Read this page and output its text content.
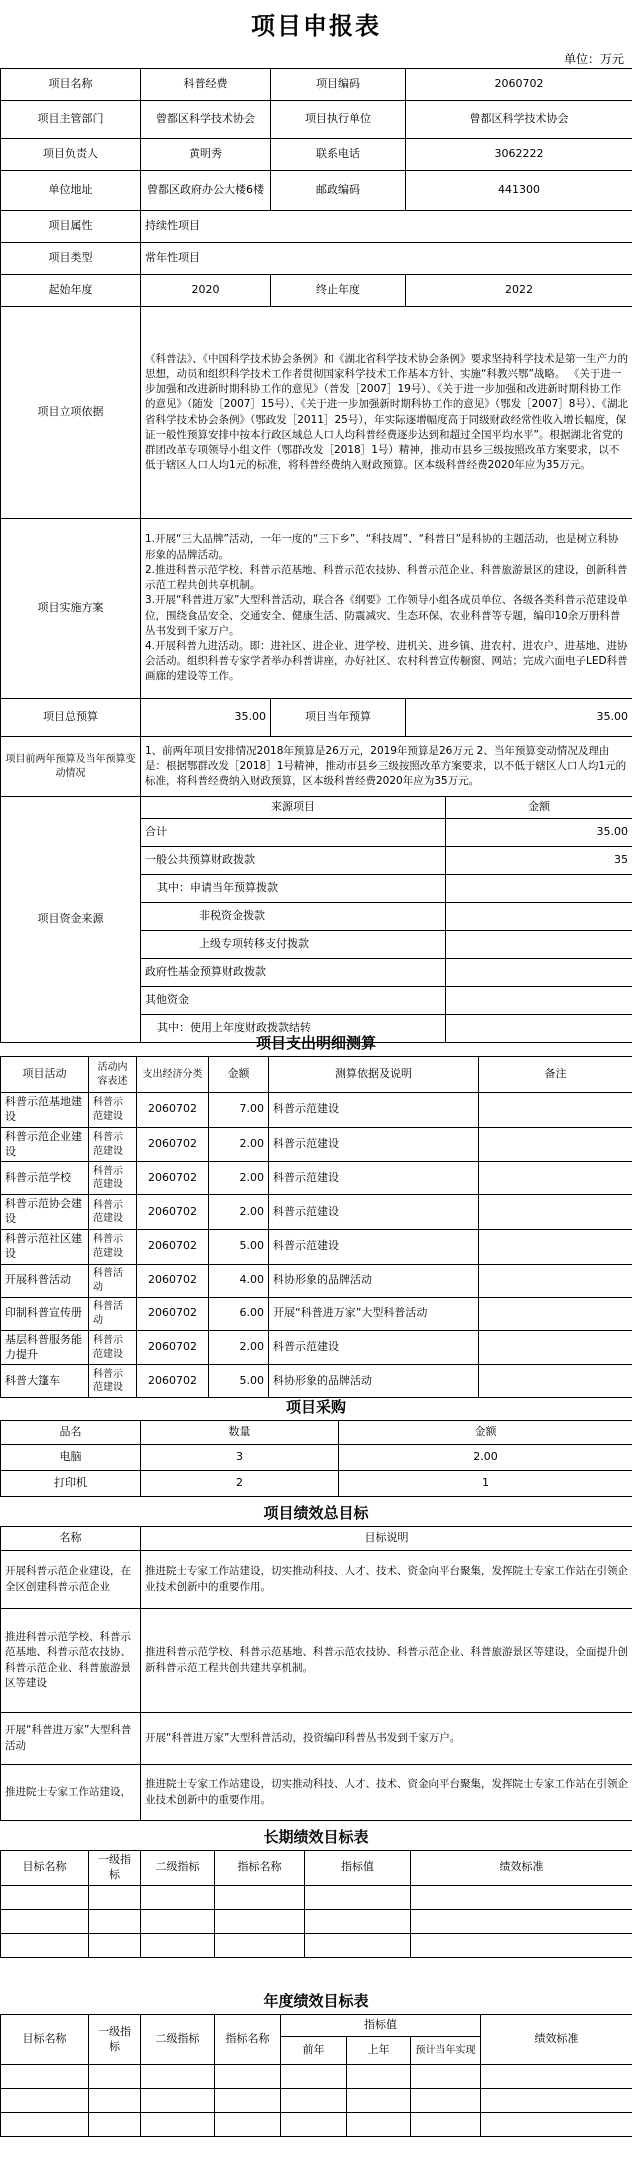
项目申报表
单位：万元
项目名称	科普经费	项目编码	2060702
项目主管部门	曾都区科学技术协会	项目执行单位	曾都区科学技术协会
项目负责人	黄明秀	联系电话	3062222
单位地址	曾都区政府办公大楼6楼	邮政编码	441300
项目属性	持续性项目		
项目类型	常年性项目		
起始年度	2020	终止年度	2022
项目立项依据	《科普法》、《中国科学技术协会条例》和《湖北省科学技术协会条例》要求坚持科学技术是第一生产力的思想，动员和组织科学技术工作者贯彻国家科学技术工作基本方针、实施“科教兴鄂”战略。 《关于进一步加强和改进新时期科协工作的意见》（普发［2007］19号）、《关于进一步加强和改进新时期科协工作的意见》（随发［2007］15号）、《关于进一步加强新时期科协工作的意见》（鄂发［2007］8号）、《湖北省科学技术协会条例》（鄂政发［2011］25号），年实际逐增幅度高于同级财政经常性收入增长幅度，保证一般性预算安排中按本行政区域总人口人均科普经费逐步达到和超过全国平均水平”。根据湖北省党的群团改革专项领导小组文件（鄂群改发［2018］1号）精神，推动市县乡三级按照改革方案要求，以不低于辖区人口人均1元的标准，将科普经费纳入财政预算。区本级科普经费2020年应为35万元。		
项目实施方案	1.开展“三大品牌”活动，一年一度的“三下乡”、“科技周”、“科普日”是科协的主题活动，也是树立科协形象的品牌活动。
2.推进科普示范学校、科普示范基地、科普示范农技协、科普示范企业、科普旅游景区的建设，创新科普示范工程共创共享机制。
3.开展“科普进万家”大型科普活动，联合各《纲要》工作领导小组各成员单位、各级各类科普示范建设单位，围绕食品安全、交通安全、健康生活、防震减灾、生态环保、农业科普等专题，编印10余万册科普丛书发到千家万户。
4.开展科普九进活动。即：进社区、进企业、进学校、进机关、进乡镇、进农村、进农户、进基地、进协会活动。组织科普专家学者举办科普讲座，办好社区、农村科普宣传橱窗、网站；完成六面电子LED科普画廊的建设等工作。		

项目总预算	35.00	项目当年预算	35.00
项目前两年预算及当年预算变动情况	1、前两年项目安排情况2018年预算是26万元，2019年预算是26万元 2、当年预算变动情况及理由是：根据鄂群改发［2018］1号精神，推动市县乡三级按照改革方案要求，以不低于辖区人口人均1元的标准，将科普经费纳入财政预算，区本级科普经费2020年应为35万元。		
项目资金来源	来源项目	金额
	合计	35.00
	一般公共预算财政拨款	35
	其中：申请当年预算拨款	
	非税资金拨款	
	上级专项转移支付拨款	
	政府性基金预算财政拨款	
	其他资金	
	其中：使用上年度财政拨款结转	
项目支出明细测算
项目活动	活动内容表述	支出经济分类	金额	测算依据及说明	备注
科普示范基地建设	科普示范建设	2060702	7.00	科普示范建设	
科普示范企业建设	科普示范建设	2060702	2.00	科普示范建设	
科普示范学校	科普示范建设	2060702	2.00	科普示范建设	
科普示范协会建设	科普示范建设	2060702	2.00	科普示范建设	
科普示范社区建设	科普示范建设	2060702	5.00	科普示范建设	
开展科普活动	科普活动	2060702	4.00	科协形象的品牌活动	
印制科普宣传册	科普活动	2060702	6.00	开展“科普进万家”大型科普活动	
基层科普服务能力提升	科普示范建设	2060702	2.00	科普示范建设	
科普大篷车	科普示范建设	2060702	5.00	科协形象的品牌活动	
项目采购
品名	数量	金额
电脑	3	2.00
打印机	2	1
项目绩效总目标
名称	目标说明
开展科普示范企业建设，在全区创建科普示范企业	推进院士专家工作站建设，切实推动科技、人才、技术、资金向平台聚集，发挥院士专家工作站在引领企业技术创新中的重要作用。
推进科普示范学校、科普示范基地、科普示范农技协、科普示范企业、科普旅游景区等建设	推进科普示范学校、科普示范基地、科普示范农技协、科普示范企业、科普旅游景区等建设，全面提升创新科普示范工程共创共建共享机制。
开展“科普进万家”大型科普活动	开展“科普进万家”大型科普活动，投资编印科普丛书发到千家万户。
推进院士专家工作站建设，	推进院士专家工作站建设，切实推动科技、人才、技术、资金向平台聚集，发挥院士专家工作站在引领企业技术创新中的重要作用。
长期绩效目标表
目标名称	一级指标	二级指标	指标名称	指标值	绩效标准

年度绩效目标表
目标名称	一级指标	二级指标	指标名称	指标值			绩效标准
				前年	上年	预计当年实现	
